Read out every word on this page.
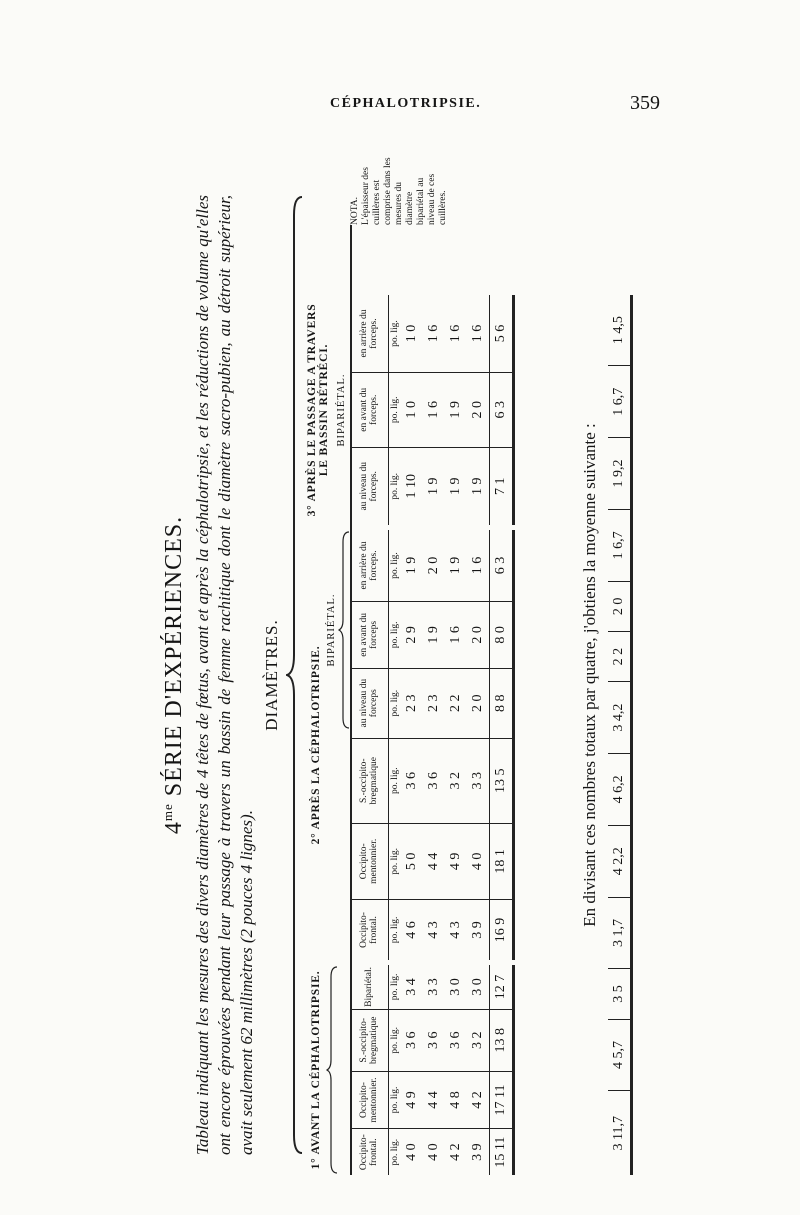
CÉPHALOTRIPSIE.	359
$4^{me}$ SÉRIE D'EXPÉRIENCES. Tableau indiquant les mesures des divers diamètres de 4 têtes de fœtus, avant et après la céphalotripsie, et les réductions de volume qu'elles ont encore éprouvées pendant leur passage à travers un bassin de femme rachitique dont le diamètre sacro-pubien, au détroit supérieur, avait seulement 62 millimètres (2 pouces 4 lignes).
DIAMÈTRES.
1° AVANT LA CÉPHALOTRIPSIE.	Occipito-frontal.	Occipito-mentonnier.	S.-occipito-bregmatique	Bipariétal.
po. lig.	po. lig.	po. lig.	po. lig.
4 0	4 9	3 6	3 4
4 0	4 4	3 6	3 3
4 2	4 8	3 6	3 0
3 9	4 2	3 2	3 0
15 11	17 11	13 8	12 7
2° APRÈS LA CÉPHALOTRIPSIE.
BIPARIÉTAL.
Occipito-frontal.	Occipito-mentonnier.	S.-occipito-bregmatique	au niveau du forceps	en avant du forceps	en arrière du forceps.
po. lig.	po. lig.	po. lig.	po. lig.	po. lig.	po. lig.
4 6	5 0	3 6	2 3	2 9	1 9
4 3	4 4	3 6	2 3	1 9	2 0
4 3	4 9	3 2	2 2	1 6	1 9
3 9	4 0	3 3	2 0	2 0	1 6
16 9	18 1	13 5	8 8	8 0	6 3
3° APRÈS LE PASSAGE A TRAVERS LE BASSIN RÉTRÉCI. BIPARIÉTAL.
au niveau du forceps.	en avant du forceps.	en arrière du forceps.
po. lig.	po. lig.	po. lig.
1 10	1 0	1 0
1 9	1 6	1 6
1 9	1 9	1 6
1 9	2 0	1 6
7 1	6 3	5 6
NOTA. L'épaisseur des cuillères est comprise dans les mesures du diamètre bipariétal au niveau de ces cuillères.
En divisant ces nombres totaux par quatre, j'obtiens la moyenne suivante :
3 11,7	4 5,7	3 5	3 1,7	4 2,2	4 6,2	3 4,2	2 2	2 0	1 6,7	1 9,2	1 6,7	1 4,5
